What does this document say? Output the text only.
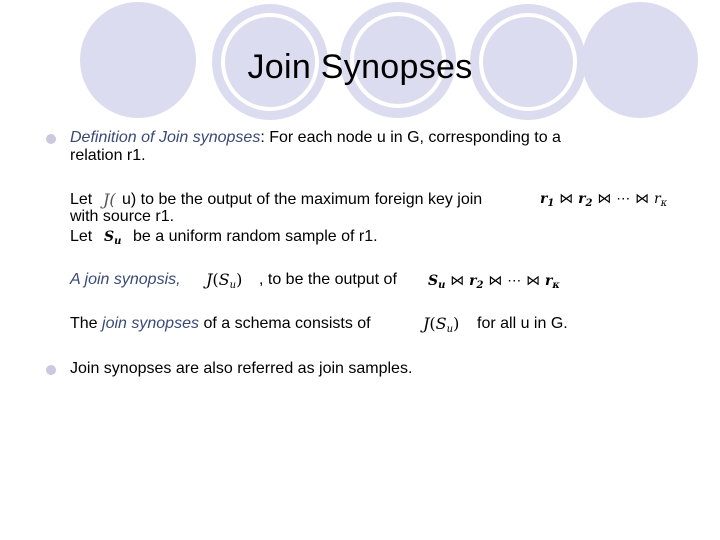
Join Synopses
Definition of Join synopses: For each node u in G, corresponding to a
relation r1.
Let J( u) to be the output of the maximum foreign key join	$r_1$ ⋈ $r_2$ ⋈ ⋯ ⋈ $r_\kappa$
with source r1.
Let $S_u$ be a uniform random sample of r1.
A join synopsis, $J(S_u)$ , to be the output of $S_u$ ⋈ $r_2$ ⋈ ⋯ ⋈ $r_\kappa$
The join synopses of a schema consists of	$J(S_u)$ for all u in G.
Join synopses are also referred as join samples.
